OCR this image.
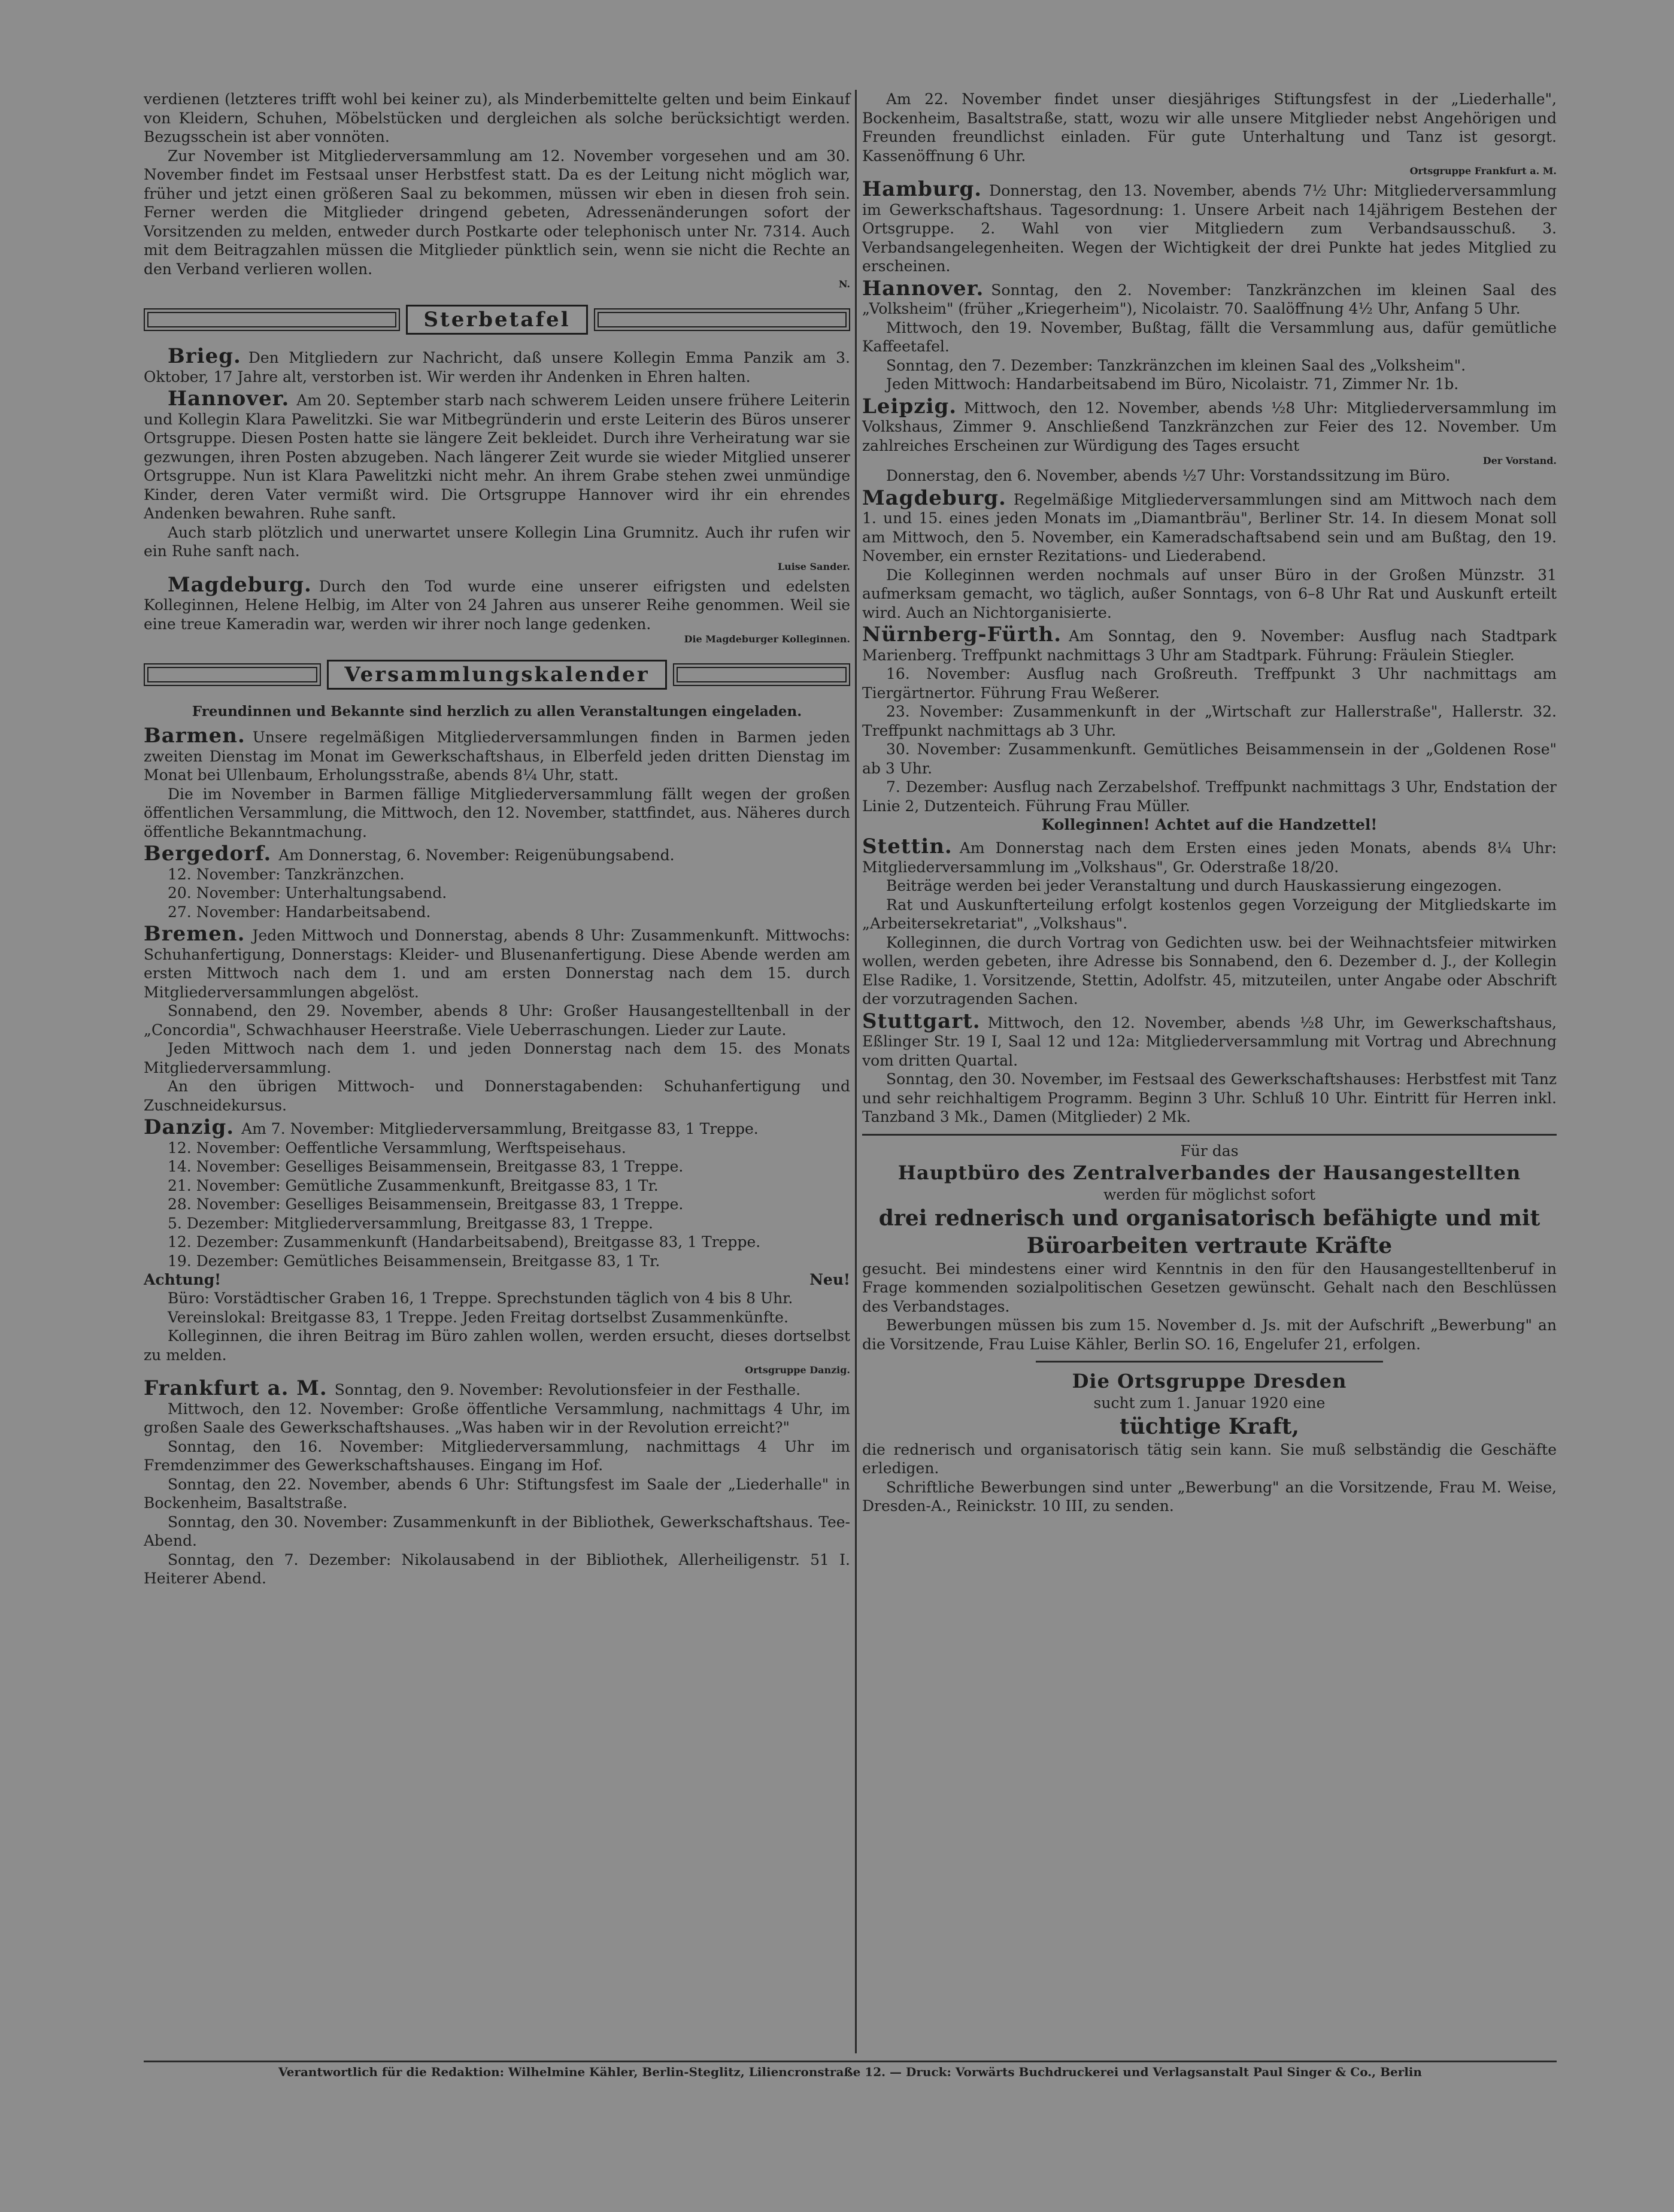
verdienen (letzteres trifft wohl bei keiner zu), als Minderbemittelte gelten und beim Einkauf von Kleidern, Schuhen, Möbelstücken und dergleichen als solche berücksichtigt werden. Bezugsschein ist aber vonnöten.

Zur November ist Mitgliederversammlung am 12. November vorgesehen und am 30. November findet im Festsaal unser Herbstfest statt. Da es der Leitung nicht möglich war, früher und jetzt einen größeren Saal zu bekommen, müssen wir eben in diesen froh sein. Ferner werden die Mitglieder dringend gebeten, Adressenänderungen sofort der Vorsitzenden zu melden, entweder durch Postkarte oder telephonisch unter Nr. 7314. Auch mit dem Beitragzahlen müssen die Mitglieder pünktlich sein, wenn sie nicht die Rechte an den Verband verlieren wollen.

N.
Sterbetafel

Brieg. Den Mitgliedern zur Nachricht, daß unsere Kollegin Emma Panzik am 3. Oktober, 17 Jahre alt, verstorben ist. Wir werden ihr Andenken in Ehren halten.

Hannover. Am 20. September starb nach schwerem Leiden unsere frühere Leiterin und Kollegin Klara Pawelitzki. Sie war Mitbegründerin und erste Leiterin des Büros unserer Ortsgruppe. Diesen Posten hatte sie längere Zeit bekleidet. Durch ihre Verheiratung war sie gezwungen, ihren Posten abzugeben. Nach längerer Zeit wurde sie wieder Mitglied unserer Ortsgruppe. Nun ist Klara Pawelitzki nicht mehr. An ihrem Grabe stehen zwei unmündige Kinder, deren Vater vermißt wird. Die Ortsgruppe Hannover wird ihr ein ehrendes Andenken bewahren. Ruhe sanft.

Auch starb plötzlich und unerwartet unsere Kollegin Lina Grumnitz. Auch ihr rufen wir ein Ruhe sanft nach.

Luise Sander.

Magdeburg. Durch den Tod wurde eine unserer eifrigsten und edelsten Kolleginnen, Helene Helbig, im Alter von 24 Jahren aus unserer Reihe genommen. Weil sie eine treue Kameradin war, werden wir ihrer noch lange gedenken.

Die Magdeburger Kolleginnen.
Versammlungskalender
Freundinnen und Bekannte sind herzlich zu allen Veranstaltungen eingeladen.

Barmen. Unsere regelmäßigen Mitgliederversammlungen finden in Barmen jeden zweiten Dienstag im Monat im Gewerkschaftshaus, in Elberfeld jeden dritten Dienstag im Monat bei Ullenbaum, Erholungsstraße, abends 8¼ Uhr, statt.

Die im November in Barmen fällige Mitgliederversammlung fällt wegen der großen öffentlichen Versammlung, die Mittwoch, den 12. November, stattfindet, aus. Näheres durch öffentliche Bekanntmachung.

Bergedorf. Am Donnerstag, 6. November: Reigenübungsabend.

12. November: Tanzkränzchen.

20. November: Unterhaltungsabend.

27. November: Handarbeitsabend.

Bremen. Jeden Mittwoch und Donnerstag, abends 8 Uhr: Zusammenkunft. Mittwochs: Schuhanfertigung, Donnerstags: Kleider- und Blusenanfertigung. Diese Abende werden am ersten Mittwoch nach dem 1. und am ersten Donnerstag nach dem 15. durch Mitgliederversammlungen abgelöst.

Sonnabend, den 29. November, abends 8 Uhr: Großer Hausangestelltenball in der „Concordia", Schwachhauser Heerstraße. Viele Ueberraschungen. Lieder zur Laute.

Jeden Mittwoch nach dem 1. und jeden Donnerstag nach dem 15. des Monats Mitgliederversammlung.

An den übrigen Mittwoch- und Donnerstagabenden: Schuhanfertigung und Zuschneidekursus.

Danzig. Am 7. November: Mitgliederversammlung, Breitgasse 83, 1 Treppe.

12. November: Oeffentliche Versammlung, Werftspeisehaus.

14. November: Geselliges Beisammensein, Breitgasse 83, 1 Treppe.

21. November: Gemütliche Zusammenkunft, Breitgasse 83, 1 Tr.

28. November: Geselliges Beisammensein, Breitgasse 83, 1 Treppe.

5. Dezember: Mitgliederversammlung, Breitgasse 83, 1 Treppe.

12. Dezember: Zusammenkunft (Handarbeitsabend), Breitgasse 83, 1 Treppe.

19. Dezember: Gemütliches Beisammensein, Breitgasse 83, 1 Tr.

Achtung!	Neu!

Büro: Vorstädtischer Graben 16, 1 Treppe. Sprechstunden täglich von 4 bis 8 Uhr.

Vereinslokal: Breitgasse 83, 1 Treppe. Jeden Freitag dortselbst Zusammenkünfte.

Kolleginnen, die ihren Beitrag im Büro zahlen wollen, werden ersucht, dieses dortselbst zu melden.

Ortsgruppe Danzig.

Frankfurt a. M. Sonntag, den 9. November: Revolutionsfeier in der Festhalle.

Mittwoch, den 12. November: Große öffentliche Versammlung, nachmittags 4 Uhr, im großen Saale des Gewerkschaftshauses. „Was haben wir in der Revolution erreicht?"

Sonntag, den 16. November: Mitgliederversammlung, nachmittags 4 Uhr im Fremdenzimmer des Gewerkschaftshauses. Eingang im Hof.

Sonntag, den 22. November, abends 6 Uhr: Stiftungsfest im Saale der „Liederhalle" in Bockenheim, Basaltstraße.

Sonntag, den 30. November: Zusammenkunft in der Bibliothek, Gewerkschaftshaus. Tee-Abend.

Sonntag, den 7. Dezember: Nikolausabend in der Bibliothek, Allerheiligenstr. 51 I. Heiterer Abend.

Am 22. November findet unser diesjähriges Stiftungsfest in der „Liederhalle", Bockenheim, Basaltstraße, statt, wozu wir alle unsere Mitglieder nebst Angehörigen und Freunden freundlichst einladen. Für gute Unterhaltung und Tanz ist gesorgt. Kassenöffnung 6 Uhr.

Ortsgruppe Frankfurt a. M.

Hamburg. Donnerstag, den 13. November, abends 7½ Uhr: Mitgliederversammlung im Gewerkschaftshaus. Tagesordnung: 1. Unsere Arbeit nach 14jährigem Bestehen der Ortsgruppe. 2. Wahl von vier Mitgliedern zum Verbandsausschuß. 3. Verbandsangelegenheiten. Wegen der Wichtigkeit der drei Punkte hat jedes Mitglied zu erscheinen.

Hannover. Sonntag, den 2. November: Tanzkränzchen im kleinen Saal des „Volksheim" (früher „Kriegerheim"), Nicolaistr. 70. Saalöffnung 4½ Uhr, Anfang 5 Uhr.

Mittwoch, den 19. November, Bußtag, fällt die Versammlung aus, dafür gemütliche Kaffeetafel.

Sonntag, den 7. Dezember: Tanzkränzchen im kleinen Saal des „Volksheim".

Jeden Mittwoch: Handarbeitsabend im Büro, Nicolaistr. 71, Zimmer Nr. 1b.

Leipzig. Mittwoch, den 12. November, abends ½8 Uhr: Mitgliederversammlung im Volkshaus, Zimmer 9. Anschließend Tanzkränzchen zur Feier des 12. November. Um zahlreiches Erscheinen zur Würdigung des Tages ersucht

Der Vorstand.

Donnerstag, den 6. November, abends ½7 Uhr: Vorstandssitzung im Büro.

Magdeburg. Regelmäßige Mitgliederversammlungen sind am Mittwoch nach dem 1. und 15. eines jeden Monats im „Diamantbräu", Berliner Str. 14. In diesem Monat soll am Mittwoch, den 5. November, ein Kameradschaftsabend sein und am Bußtag, den 19. November, ein ernster Rezitations- und Liederabend.

Die Kolleginnen werden nochmals auf unser Büro in der Großen Münzstr. 31 aufmerksam gemacht, wo täglich, außer Sonntags, von 6–8 Uhr Rat und Auskunft erteilt wird. Auch an Nichtorganisierte.

Nürnberg-Fürth. Am Sonntag, den 9. November: Ausflug nach Stadtpark Marienberg. Treffpunkt nachmittags 3 Uhr am Stadtpark. Führung: Fräulein Stiegler.

16. November: Ausflug nach Großreuth. Treffpunkt 3 Uhr nachmittags am Tiergärtnertor. Führung Frau Weßerer.

23. November: Zusammenkunft in der „Wirtschaft zur Hallerstraße", Hallerstr. 32. Treffpunkt nachmittags ab 3 Uhr.

30. November: Zusammenkunft. Gemütliches Beisammensein in der „Goldenen Rose" ab 3 Uhr.

7. Dezember: Ausflug nach Zerzabelshof. Treffpunkt nachmittags 3 Uhr, Endstation der Linie 2, Dutzenteich. Führung Frau Müller.

Kolleginnen! Achtet auf die Handzettel!

Stettin. Am Donnerstag nach dem Ersten eines jeden Monats, abends 8¼ Uhr: Mitgliederversammlung im „Volkshaus", Gr. Oderstraße 18/20.

Beiträge werden bei jeder Veranstaltung und durch Hauskassierung eingezogen.

Rat und Auskunfterteilung erfolgt kostenlos gegen Vorzeigung der Mitgliedskarte im „Arbeitersekretariat", „Volkshaus".

Kolleginnen, die durch Vortrag von Gedichten usw. bei der Weihnachtsfeier mitwirken wollen, werden gebeten, ihre Adresse bis Sonnabend, den 6. Dezember d. J., der Kollegin Else Radike, 1. Vorsitzende, Stettin, Adolfstr. 45, mitzuteilen, unter Angabe oder Abschrift der vorzutragenden Sachen.

Stuttgart. Mittwoch, den 12. November, abends ½8 Uhr, im Gewerkschaftshaus, Eßlinger Str. 19 I, Saal 12 und 12a: Mitgliederversammlung mit Vortrag und Abrechnung vom dritten Quartal.

Sonntag, den 30. November, im Festsaal des Gewerkschaftshauses: Herbstfest mit Tanz und sehr reichhaltigem Programm. Beginn 3 Uhr. Schluß 10 Uhr. Eintritt für Herren inkl. Tanzband 3 Mk., Damen (Mitglieder) 2 Mk.

Für das

Hauptbüro des Zentralverbandes der Hausangestellten

werden für möglichst sofort

drei rednerisch und organisatorisch befähigte und mit Büroarbeiten vertraute Kräfte

gesucht. Bei mindestens einer wird Kenntnis in den für den Hausangestelltenberuf in Frage kommenden sozialpolitischen Gesetzen gewünscht. Gehalt nach den Beschlüssen des Verbandstages.

Bewerbungen müssen bis zum 15. November d. Js. mit der Aufschrift „Bewerbung" an die Vorsitzende, Frau Luise Kähler, Berlin SO. 16, Engelufer 21, erfolgen.

Die Ortsgruppe Dresden

sucht zum 1. Januar 1920 eine

tüchtige Kraft,

die rednerisch und organisatorisch tätig sein kann. Sie muß selbständig die Geschäfte erledigen.

Schriftliche Bewerbungen sind unter „Bewerbung" an die Vorsitzende, Frau M. Weise, Dresden-A., Reinickstr. 10 III, zu senden.

Verantwortlich für die Redaktion: Wilhelmine Kähler, Berlin-Steglitz, Liliencronstraße 12. — Druck: Vorwärts Buchdruckerei und Verlagsanstalt Paul Singer & Co., Berlin
